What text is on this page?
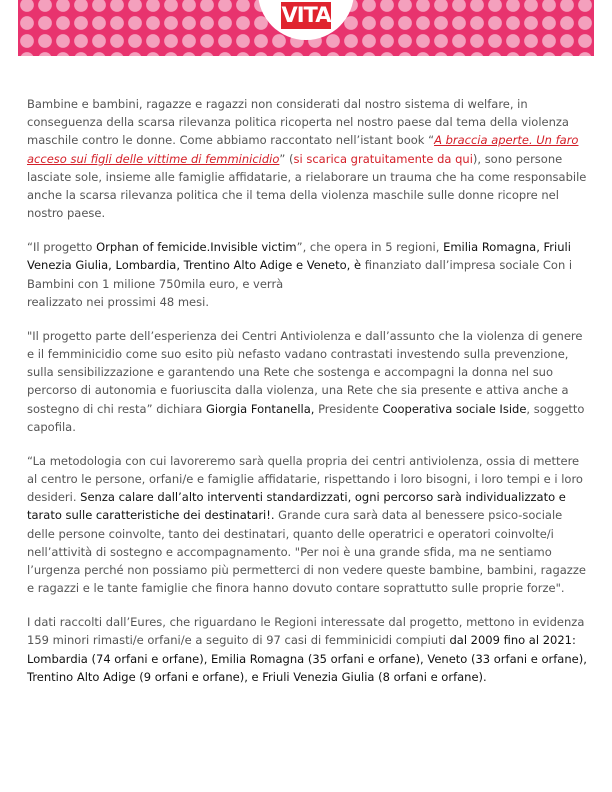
VITA

Bambine e bambini, ragazze e ragazzi non considerati dal nostro sistema di welfare, in conseguenza della scarsa rilevanza politica ricoperta nel nostro paese dal tema della violenza maschile contro le donne. Come abbiamo raccontato nell’istant book “A braccia aperte. Un faro acceso sui figli delle vittime di femminicidio” (si scarica gratuitamente da qui), sono persone lasciate sole, insieme alle famiglie affidatarie, a rielaborare un trauma che ha come responsabile anche la scarsa rilevanza politica che il tema della violenza maschile sulle donne ricopre nel nostro paese.

“Il progetto Orphan of femicide.Invisible victim”, che opera in 5 regioni, Emilia Romagna, Friuli Venezia Giulia, Lombardia, Trentino Alto Adige e Veneto, è finanziato dall’impresa sociale Con i Bambini con 1 milione 750mila euro, e verrà
realizzato nei prossimi 48 mesi.

"Il progetto parte dell’esperienza dei Centri Antiviolenza e dall’assunto che la violenza di genere e il femminicidio come suo esito più nefasto vadano contrastati investendo sulla prevenzione, sulla sensibilizzazione e garantendo una Rete che sostenga e accompagni la donna nel suo percorso di autonomia e fuoriuscita dalla violenza, una Rete che sia presente e attiva anche a sostegno di chi resta” dichiara Giorgia Fontanella, Presidente Cooperativa sociale Iside, soggetto capofila.

“La metodologia con cui lavoreremo sarà quella propria dei centri antiviolenza, ossia di mettere al centro le persone, orfani/e e famiglie affidatarie, rispettando i loro bisogni, i loro tempi e i loro desideri. Senza calare dall’alto interventi standardizzati, ogni percorso sarà individualizzato e tarato sulle caratteristiche dei destinatari!. Grande cura sarà data al benessere psico-sociale delle persone coinvolte, tanto dei destinatari, quanto delle operatrici e operatori coinvolte/i nell’attività di sostegno e accompagnamento. "Per noi è una grande sfida, ma ne sentiamo l’urgenza perché non possiamo più permetterci di non vedere queste bambine, bambini, ragazze e ragazzi e le tante famiglie che finora hanno dovuto contare soprattutto sulle proprie forze".

I dati raccolti dall’Eures, che riguardano le Regioni interessate dal progetto, mettono in evidenza 159 minori rimasti/e orfani/e a seguito di 97 casi di femminicidi compiuti dal 2009 fino al 2021: Lombardia (74 orfani e orfane), Emilia Romagna (35 orfani e orfane), Veneto (33 orfani e orfane), Trentino Alto Adige (9 orfani e orfane), e Friuli Venezia Giulia (8 orfani e orfane).
